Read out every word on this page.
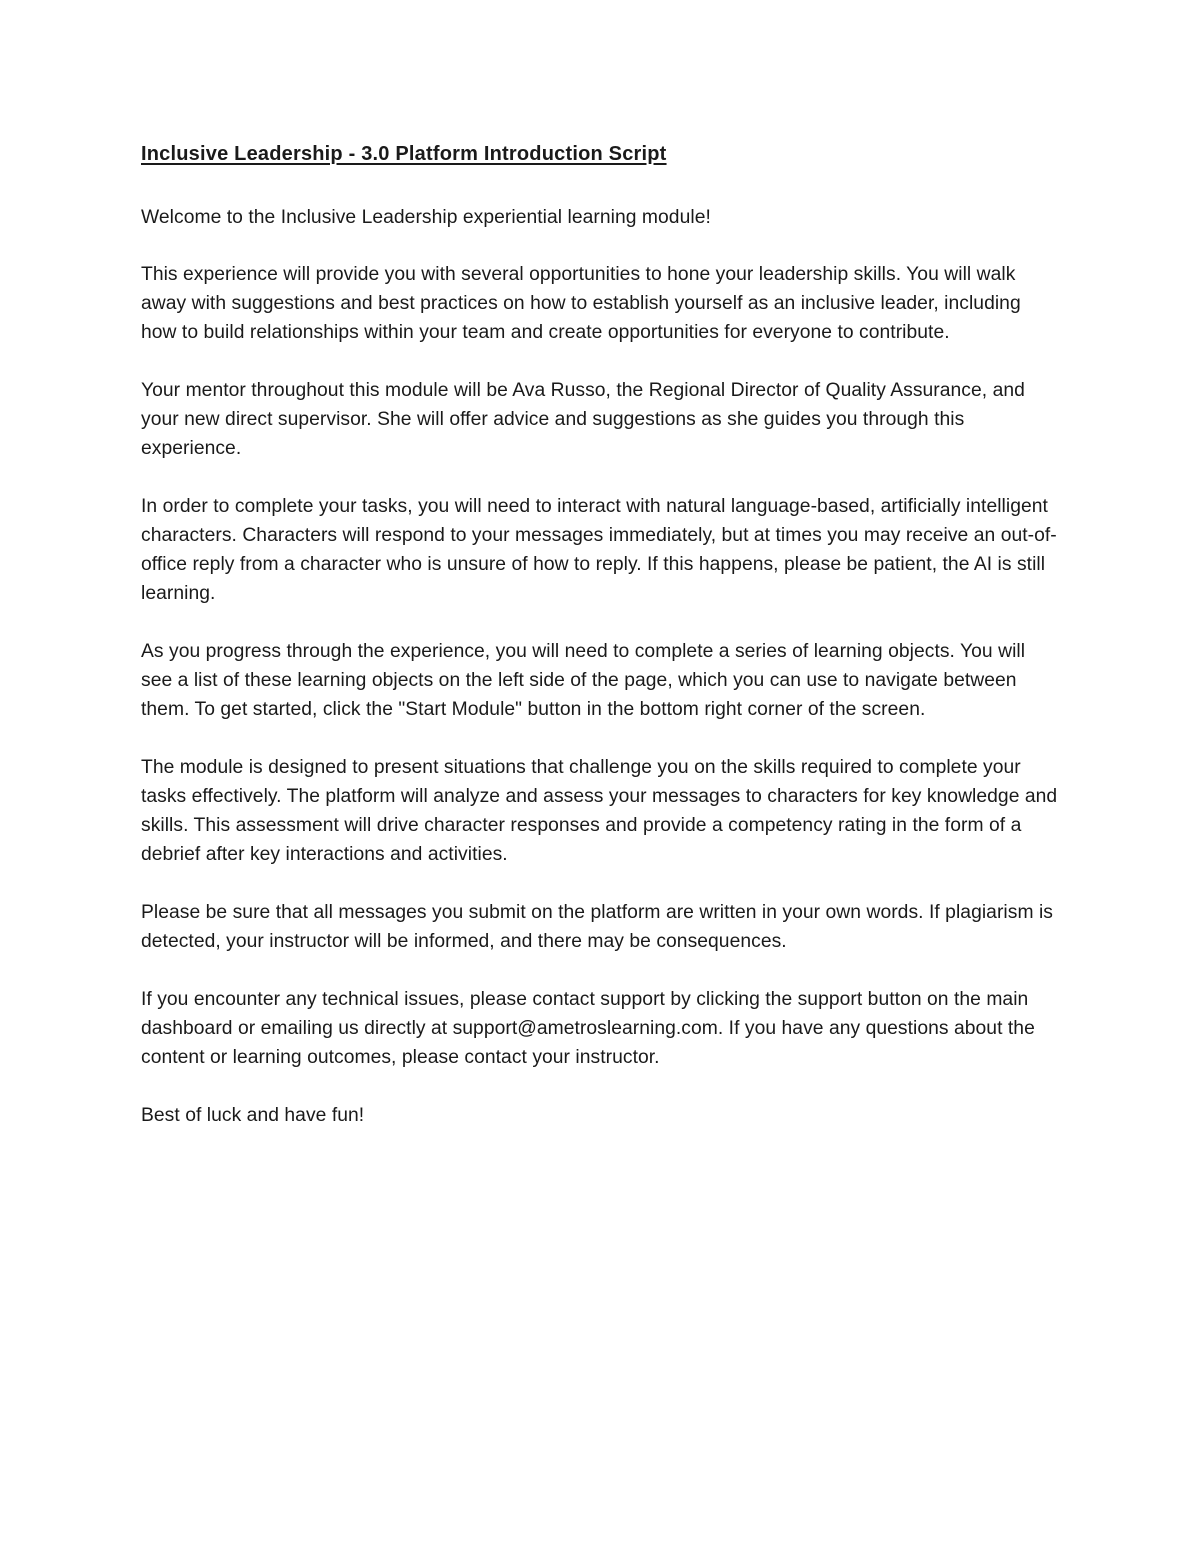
Inclusive Leadership - 3.0 Platform Introduction Script

Welcome to the Inclusive Leadership experiential learning module!

This experience will provide you with several opportunities to hone your leadership skills. You will walk away with suggestions and best practices on how to establish yourself as an inclusive leader, including how to build relationships within your team and create opportunities for everyone to contribute.

Your mentor throughout this module will be Ava Russo, the Regional Director of Quality Assurance, and your new direct supervisor. She will offer advice and suggestions as she guides you through this experience.

In order to complete your tasks, you will need to interact with natural language-based, artificially intelligent characters. Characters will respond to your messages immediately, but at times you may receive an out-of-office reply from a character who is unsure of how to reply. If this happens, please be patient, the AI is still learning.

As you progress through the experience, you will need to complete a series of learning objects. You will see a list of these learning objects on the left side of the page, which you can use to navigate between them. To get started, click the "Start Module" button in the bottom right corner of the screen.

The module is designed to present situations that challenge you on the skills required to complete your tasks effectively. The platform will analyze and assess your messages to characters for key knowledge and skills. This assessment will drive character responses and provide a competency rating in the form of a debrief after key interactions and activities.

Please be sure that all messages you submit on the platform are written in your own words. If plagiarism is detected, your instructor will be informed, and there may be consequences.

If you encounter any technical issues, please contact support by clicking the support button on the main dashboard or emailing us directly at support@ametroslearning.com. If you have any questions about the content or learning outcomes, please contact your instructor.

Best of luck and have fun!
